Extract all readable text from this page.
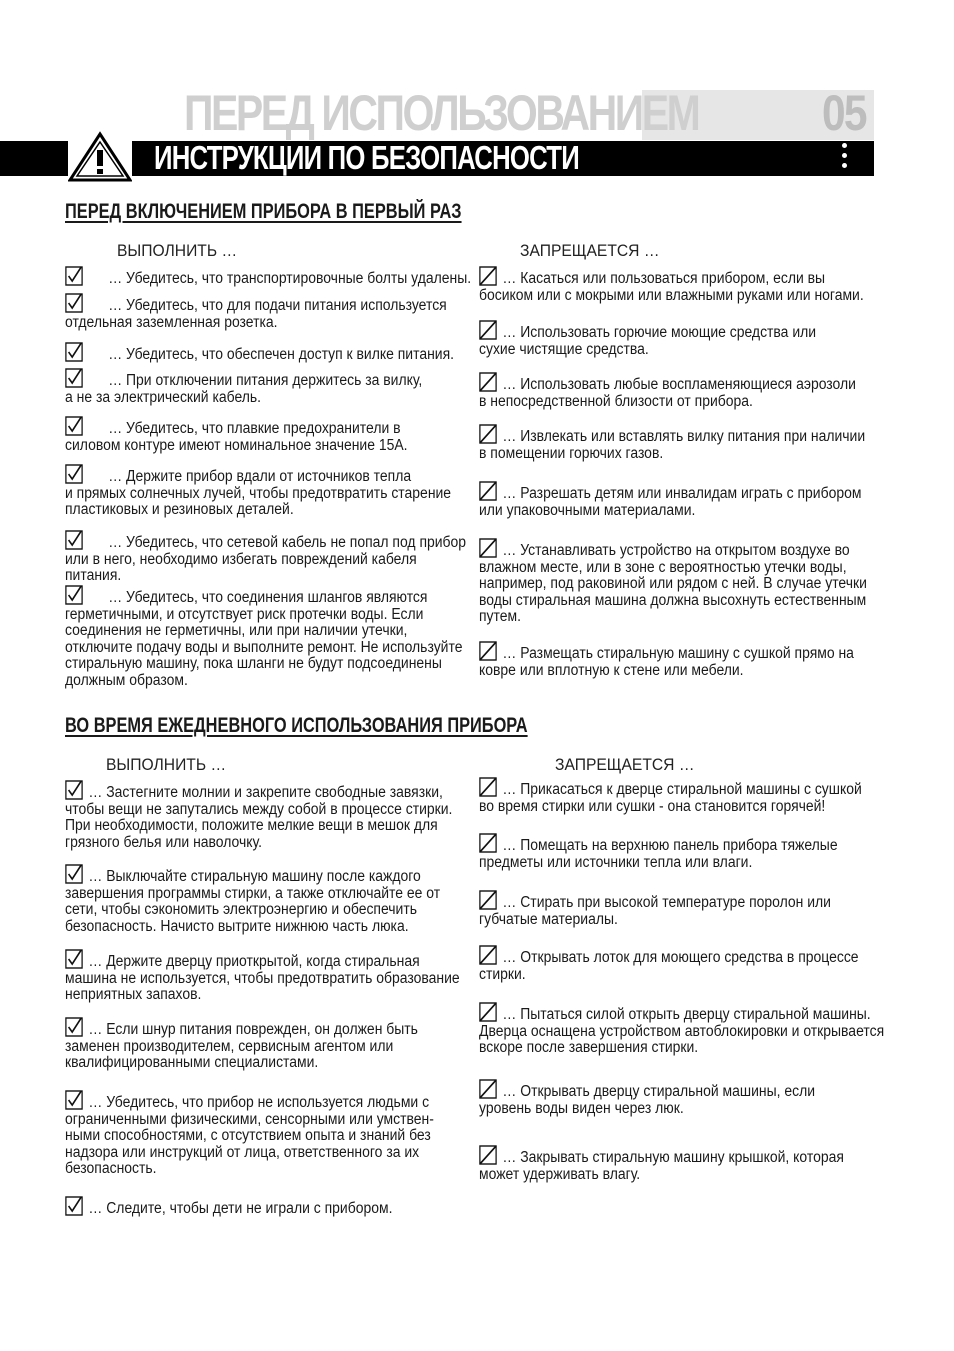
ПЕРЕД ИСПОЛЬЗОВАНИЕМ 05
ИНСТРУКЦИИ ПО БЕЗОПАСНОСТИ
ПЕРЕД ВКЛЮЧЕНИЕМ ПРИБОРА В ПЕРВЫЙ РАЗ
ВЫПОЛНИТЬ …	ЗАПРЕЩАЕТСЯ …
… Убедитесь, что транспортировочные болты удалены.
… Убедитесь, что для подачи питания используется
отдельная заземленная розетка.
… Убедитесь, что обеспечен доступ к вилке питания.
… При отключении питания держитесь за вилку,
а не за электрический кабель.
… Убедитесь, что плавкие предохранители в
силовом контуре имеют номинальное значение 15А.
… Держите прибор вдали от источников тепла
и прямых солнечных лучей, чтобы предотвратить старение пластиковых и резиновых деталей.
… Убедитесь, что сетевой кабель не попал под прибор
или в него, необходимо избегать повреждений кабеля питания.
… Убедитесь, что соединения шлангов являются
герметичными, и отсутствует риск протечки воды. Если соединения не герметичны, или при наличии утечки, отключите подачу воды и выполните ремонт. Не используйте стиральную машину, пока шланги не будут подсоединены должным образом.
… Касаться или пользоваться прибором, если вы
босиком или с мокрыми или влажными руками или ногами.
… Использовать горючие моющие средства или
сухие чистящие средства.
… Использовать любые воспламеняющиеся аэрозоли
в непосредственной близости от прибора.
… Извлекать или вставлять вилку питания при наличии
в помещении горючих газов.
… Разрешать детям или инвалидам играть с прибором
или упаковочными материалами.
… Устанавливать устройство на открытом воздухе во
влажном месте, или в зоне с вероятностью утечки воды, например, под раковиной или рядом с ней. В случае утечки воды стиральная машина должна высохнуть естественным путем.
… Размещать стиральную машину с сушкой прямо на
ковре или вплотную к стене или мебели.
ВО ВРЕМЯ ЕЖЕДНЕВНОГО ИСПОЛЬЗОВАНИЯ ПРИБОРА
ВЫПОЛНИТЬ …	ЗАПРЕЩАЕТСЯ …
… Застегните молнии и закрепите свободные завязки,
чтобы вещи не запутались между собой в процессе стирки. При необходимости, положите мелкие вещи в мешок для грязного белья или наволочку.
… Выключайте стиральную машину после каждого
завершения программы стирки, а также отключайте ее от сети, чтобы сэкономить электроэнергию и обеспечить безопасность. Начисто вытрите нижнюю часть люка.
… Держите дверцу приоткрытой, когда стиральная
машина не используется, чтобы предотвратить образование неприятных запахов.
… Если шнур питания поврежден, он должен быть
заменен производителем, сервисным агентом или квалифицированными специалистами.
… Убедитесь, что прибор не используется людьми с
ограниченными физическими, сенсорными или умствен-ными способностями, с отсутствием опыта и знаний без надзора или инструкций от лица, ответственного за их безопасность.
… Следите, чтобы дети не играли с прибором.
… Прикасаться к дверце стиральной машины с сушкой
во время стирки или сушки - она становится горячей!
… Помещать на верхнюю панель прибора тяжелые
предметы или источники тепла или влаги.
… Стирать при высокой температуре поролон или
губчатые материалы.
… Открывать лоток для моющего средства в процессе
стирки.
… Пытаться силой открыть дверцу стиральной машины.
Дверца оснащена устройством автоблокировки и открывается вскоре после завершения стирки.
… Открывать дверцу стиральной машины, если
уровень воды виден через люк.
… Закрывать стиральную машину крышкой, которая
может удерживать влагу.
